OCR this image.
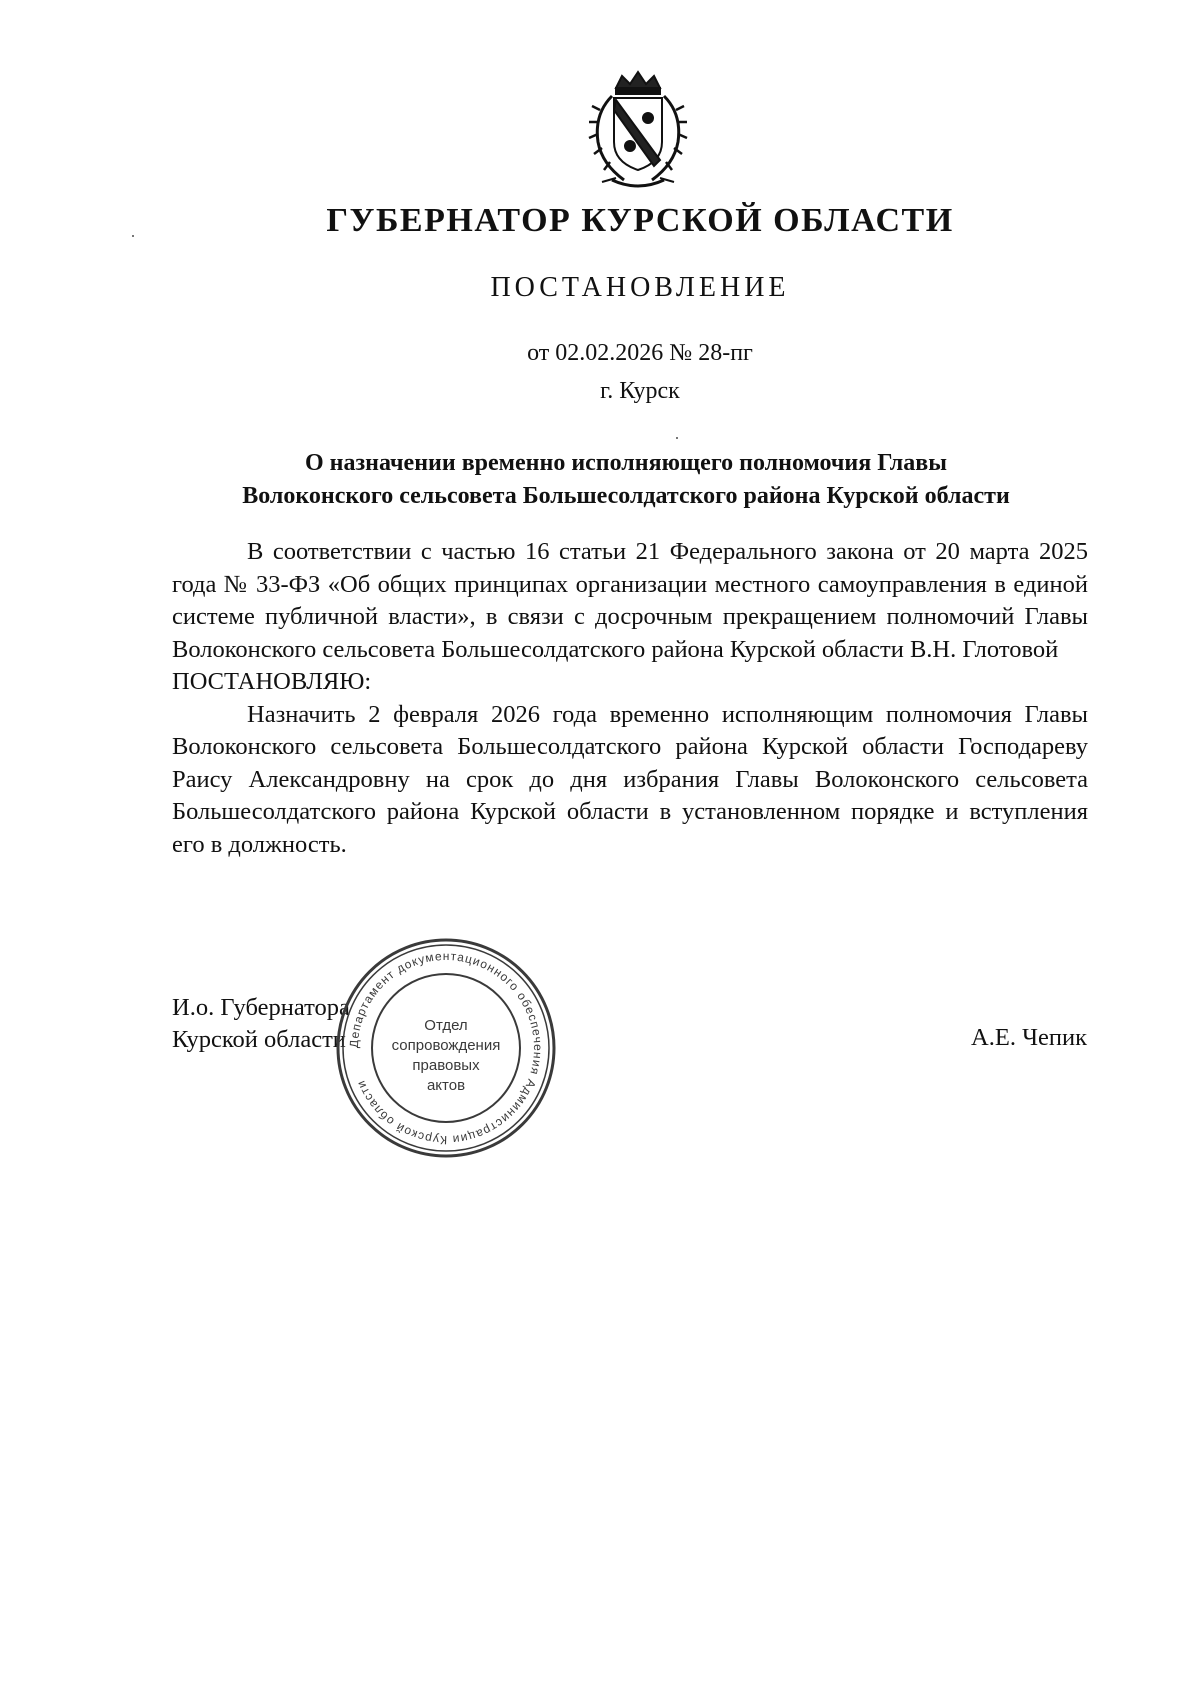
ГУБЕРНАТОР КУРСКОЙ ОБЛАСТИ
ПОСТАНОВЛЕНИЕ
от 02.02.2026 № 28-пг
г. Курск
О назначении временно исполняющего полномочия Главы
Волоконского сельсовета Большесолдатского района Курской области

В соответствии с частью 16 статьи 21 Федерального закона от 20 марта 2025 года № 33-ФЗ «Об общих принципах организации местного самоуправления в единой системе публичной власти», в связи с досрочным прекращением полномочий Главы Волоконского сельсовета Большесолдатского района Курской области В.Н. Глотовой

ПОСТАНОВЛЯЮ:

Назначить 2 февраля 2026 года временно исполняющим полномочия Главы Волоконского сельсовета Большесолдатского района Курской области Господареву Раису Александровну на срок до дня избрания Главы Волоконского сельсовета Большесолдатского района Курской области в установленном порядке и вступления его в должность.

И.о. Губернатора
Курской области	А.Е. Чепик
Департамент документационного обеспечения Администрации Курской области
Отдел
сопровождения
правовых
актов
